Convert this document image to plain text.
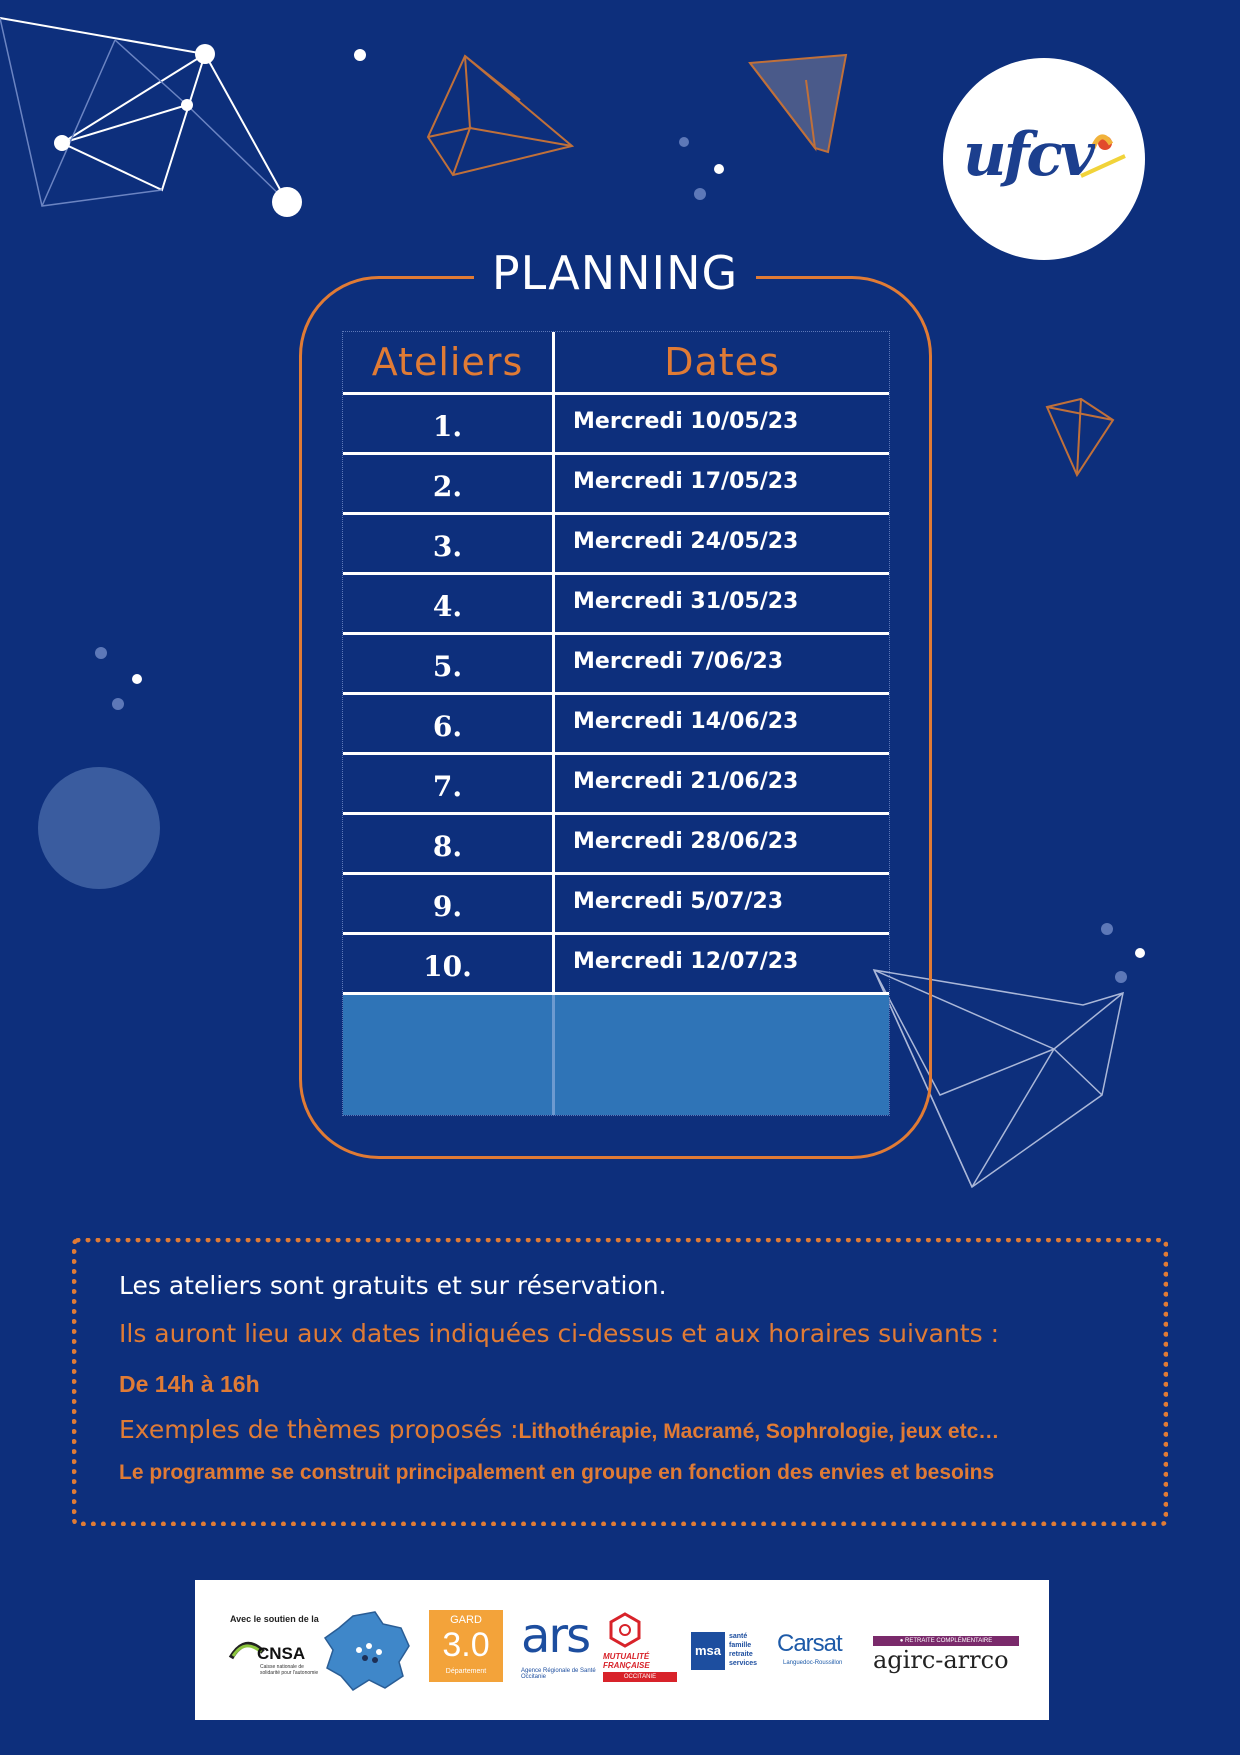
ufcv
PLANNING
Ateliers	Dates
1.	Mercredi 10/05/23
2.	Mercredi 17/05/23
3.	Mercredi 24/05/23
4.	Mercredi 31/05/23
5.	Mercredi 7/06/23
6.	Mercredi 14/06/23
7.	Mercredi 21/06/23
8.	Mercredi 28/06/23
9.	Mercredi 5/07/23
10.	Mercredi 12/07/23

Les ateliers sont gratuits et sur réservation.

Ils auront lieu aux dates indiquées ci-dessus et aux horaires suivants :

De 14h à 16h

Exemples de thèmes proposés :Lithothérapie, Macramé, Sophrologie, jeux etc…

Le programme se construit principalement en groupe en fonction des envies et besoins

Avec le soutien de la
CNSA
Caisse nationale de solidarité pour l'autonomie
GARD
3.0
Département
ars
Agence Régionale de Santé Occitanie
MUTUALITÉ FRANÇAISE
OCCITANIE
msa
santé famille retraite services
Carsat
Languedoc-Roussillon
● RETRAITE COMPLÉMENTAIRE
agirc-arrco
